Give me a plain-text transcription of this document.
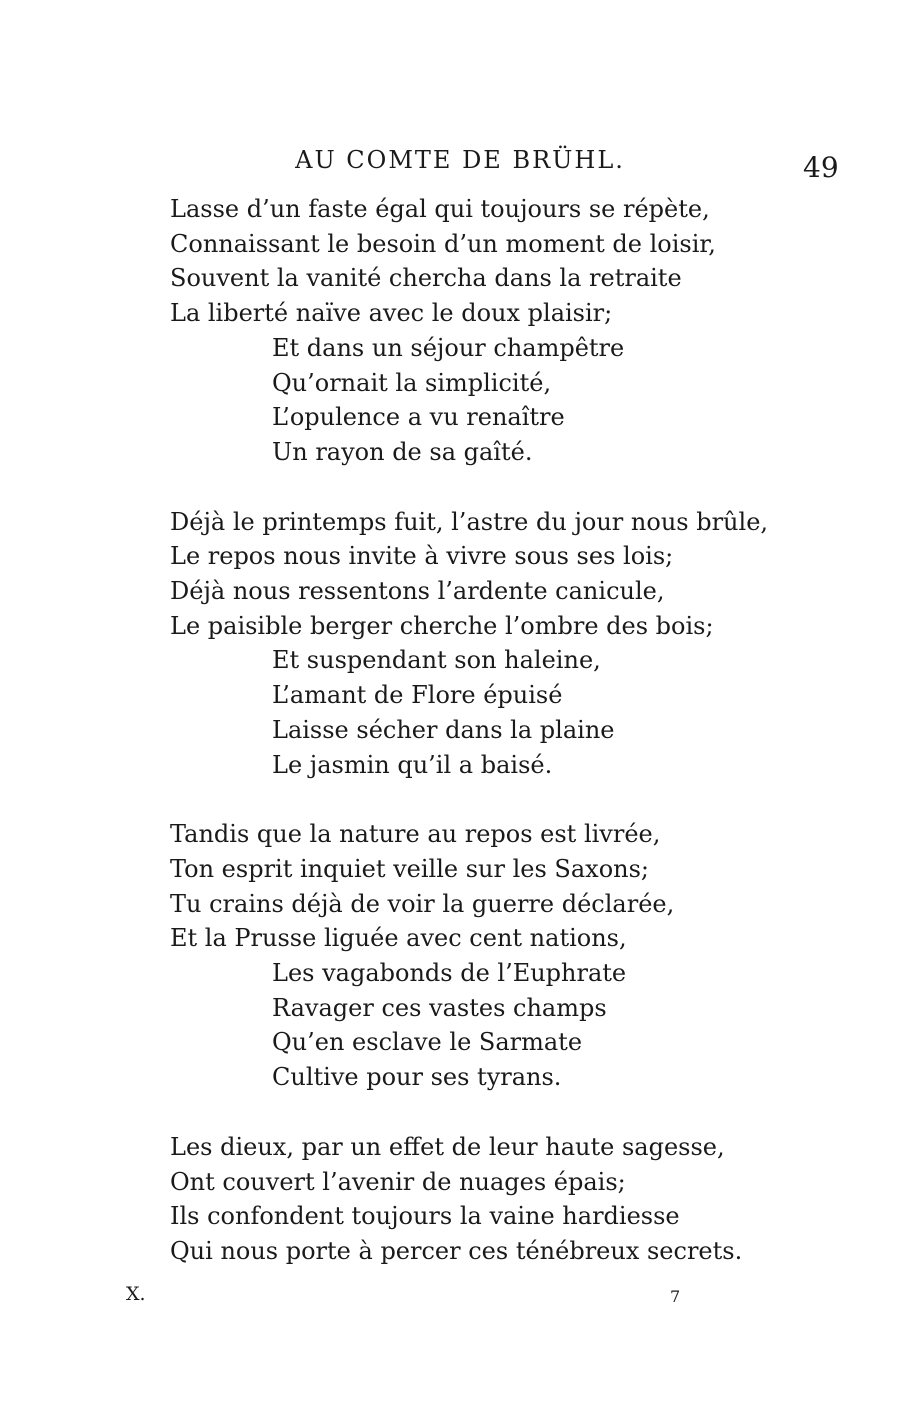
AU COMTE DE BRÜHL.	49
Lasse d’un faste égal qui toujours se répète,
Connaissant le besoin d’un moment de loisir,
Souvent la vanité chercha dans la retraite
La liberté naïve avec le doux plaisir;
Et dans un séjour champêtre
Qu’ornait la simplicité,
L’opulence a vu renaître
Un rayon de sa gaîté.
Déjà le printemps fuit, l’astre du jour nous brûle,
Le repos nous invite à vivre sous ses lois;
Déjà nous ressentons l’ardente canicule,
Le paisible berger cherche l’ombre des bois;
Et suspendant son haleine,
L’amant de Flore épuisé
Laisse sécher dans la plaine
Le jasmin qu’il a baisé.
Tandis que la nature au repos est livrée,
Ton esprit inquiet veille sur les Saxons;
Tu crains déjà de voir la guerre déclarée,
Et la Prusse liguée avec cent nations,
Les vagabonds de l’Euphrate
Ravager ces vastes champs
Qu’en esclave le Sarmate
Cultive pour ses tyrans.
Les dieux, par un effet de leur haute sagesse,
Ont couvert l’avenir de nuages épais;
Ils confondent toujours la vaine hardiesse
Qui nous porte à percer ces ténébreux secrets.
X.	7
